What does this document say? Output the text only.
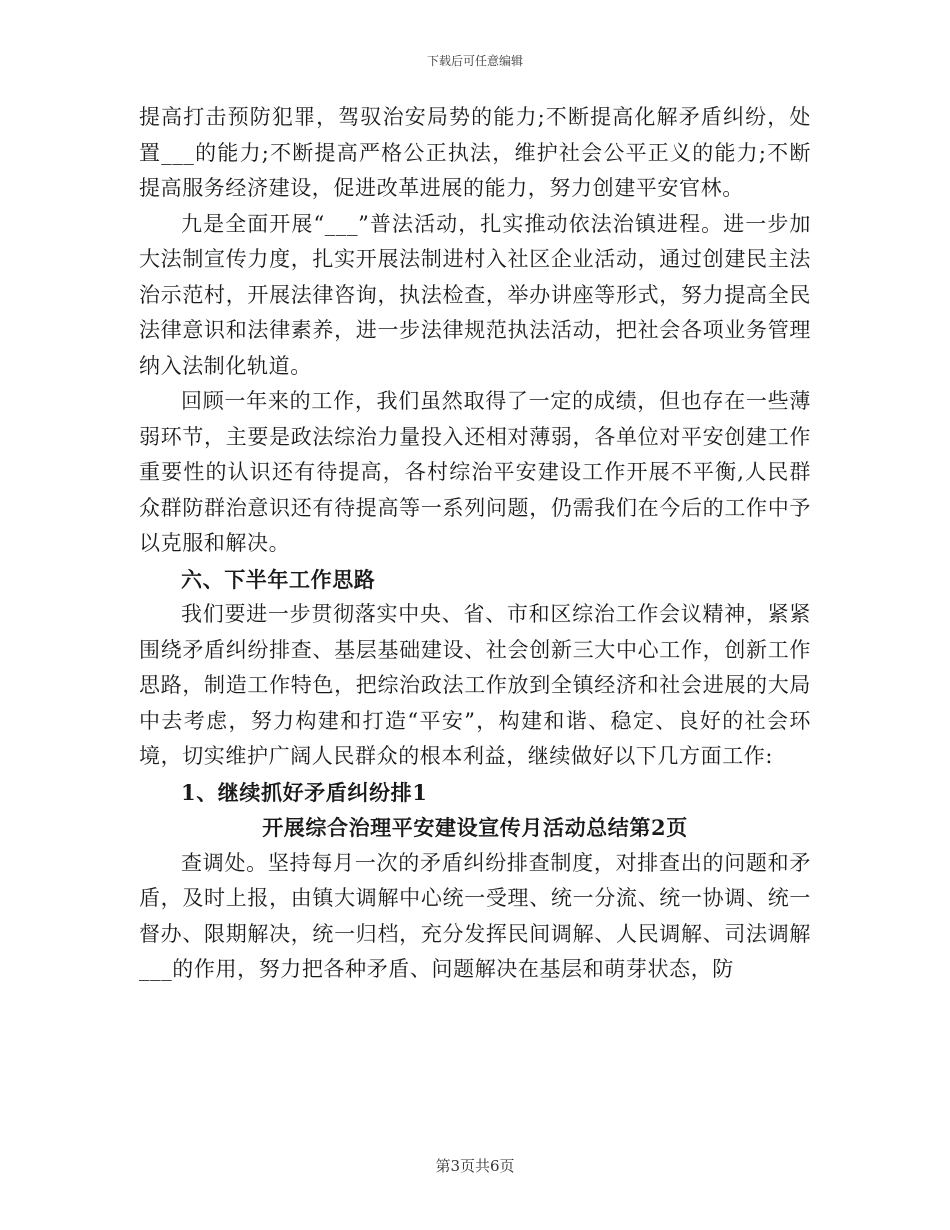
下载后可任意编辑

提高打击预防犯罪，驾驭治安局势的能力;不断提高化解矛盾纠纷，处置___的能力;不断提高严格公正执法，维护社会公平正义的能力;不断提高服务经济建设，促进改革进展的能力，努力创建平安官林。

九是全面开展“___”普法活动，扎实推动依法治镇进程。进一步加大法制宣传力度，扎实开展法制进村入社区企业活动，通过创建民主法治示范村，开展法律咨询，执法检查，举办讲座等形式，努力提高全民法律意识和法律素养，进一步法律规范执法活动，把社会各项业务管理纳入法制化轨道。

回顾一年来的工作，我们虽然取得了一定的成绩，但也存在一些薄弱环节，主要是政法综治力量投入还相对薄弱，各单位对平安创建工作重要性的认识还有待提高，各村综治平安建设工作开展不平衡,人民群众群防群治意识还有待提高等一系列问题，仍需我们在今后的工作中予以克服和解决。

六、下半年工作思路

我们要进一步贯彻落实中央、省、市和区综治工作会议精神，紧紧围绕矛盾纠纷排查、基层基础建设、社会创新三大中心工作，创新工作思路，制造工作特色，把综治政法工作放到全镇经济和社会进展的大局中去考虑，努力构建和打造“平安”，构建和谐、稳定、良好的社会环境，切实维护广阔人民群众的根本利益，继续做好以下几方面工作:

1、继续抓好矛盾纠纷排1

开展综合治理平安建设宣传月活动总结第2页

查调处。坚持每月一次的矛盾纠纷排查制度，对排查出的问题和矛盾，及时上报，由镇大调解中心统一受理、统一分流、统一协调、统一督办、限期解决，统一归档，充分发挥民间调解、人民调解、司法调解___的作用，努力把各种矛盾、问题解决在基层和萌芽状态，防

第3页共6页
